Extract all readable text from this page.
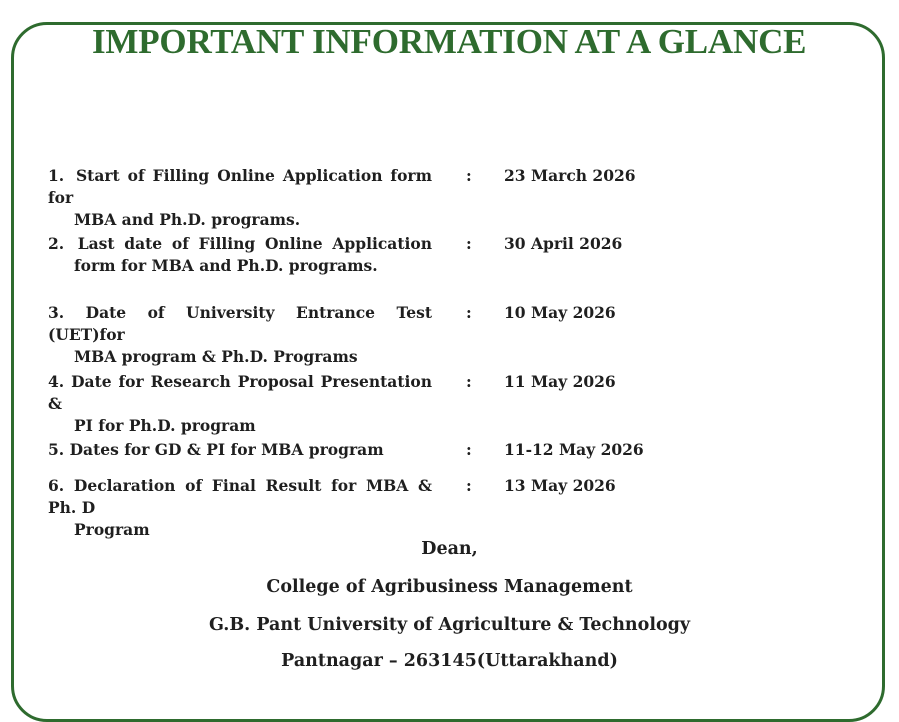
IMPORTANT INFORMATION AT A GLANCE
1. Start of Filling Online Application form for
MBA and Ph.D. programs.
: 23 March 2026
2. Last date of Filling Online Application
form for MBA and Ph.D. programs.
: 30 April 2026
3. Date of University Entrance Test (UET)for
MBA program & Ph.D. Programs
: 10 May 2026
4. Date for Research Proposal Presentation &
PI for Ph.D. program
: 11 May 2026
5. Dates for GD & PI for MBA program	: 11-12 May 2026
6. Declaration of Final Result for MBA & Ph. D
Program
: 13 May 2026
Dean,
College of Agribusiness Management
G.B. Pant University of Agriculture & Technology
Pantnagar – 263145(Uttarakhand)
